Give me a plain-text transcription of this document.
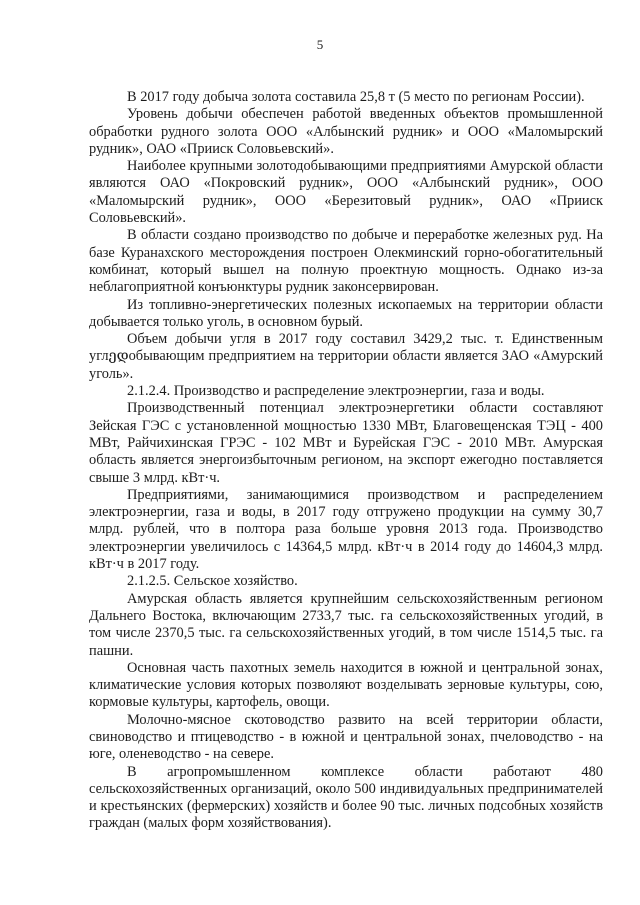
5

В 2017 году добыча золота составила 25,8 т (5 место по регионам России).

Уровень добычи обеспечен работой введенных объектов промышленной обработки рудного золота ООО «Албынский рудник» и ООО «Маломырский рудник», ОАО «Прииск Соловьевский».

Наиболее крупными золотодобывающими предприятиями Амурской области являются ОАО «Покровский рудник», ООО «Албынский рудник», ООО «Маломырский рудник», ООО «Березитовый рудник», ОАО «Прииск Соловьевский».

В области создано производство по добыче и переработке железных руд. На базе Куранахского месторождения построен Олекминский горно-обогатительный комбинат, который вышел на полную проектную мощность. Однако из-за неблагоприятной конъюнктуры рудник законсервирован.

Из топливно-энергетических полезных ископаемых на территории области добывается только уголь, в основном бурый.

Объем добычи угля в 2017 году составил 3429,2 тыс. т. Единственным углედобывающим предприятием на территории области является ЗАО «Амурский уголь».

2.1.2.4. Производство и распределение электроэнергии, газа и воды.

Производственный потенциал электроэнергетики области составляют Зейская ГЭС с установленной мощностью 1330 МВт, Благовещенская ТЭЦ - 400 МВт, Райчихинская ГРЭС - 102 МВт и Бурейская ГЭС - 2010 МВт. Амурская область является энергоизбыточным регионом, на экспорт ежегодно поставляется свыше 3 млрд. кВт·ч.

Предприятиями, занимающимися производством и распределением электроэнергии, газа и воды, в 2017 году отгружено продукции на сумму 30,7 млрд. рублей, что в полтора раза больше уровня 2013 года. Производство электроэнергии увеличилось с 14364,5 млрд. кВт·ч в 2014 году до 14604,3 млрд. кВт·ч в 2017 году.

2.1.2.5. Сельское хозяйство.

Амурская область является крупнейшим сельскохозяйственным регионом Дальнего Востока, включающим 2733,7 тыс. га сельскохозяйственных угодий, в том числе 2370,5 тыс. га сельскохозяйственных угодий, в том числе 1514,5 тыс. га пашни.

Основная часть пахотных земель находится в южной и центральной зонах, климатические условия которых позволяют возделывать зерновые культуры, сою, кормовые культуры, картофель, овощи.

Молочно-мясное скотоводство развито на всей территории области, свиноводство и птицеводство - в южной и центральной зонах, пчеловодство - на юге, оленеводство - на севере.

В агропромышленном комплексе области работают 480 сельскохозяйственных организаций, около 500 индивидуальных предпринимателей и крестьянских (фермерских) хозяйств и более 90 тыс. личных подсобных хозяйств граждан (малых форм хозяйствования).
